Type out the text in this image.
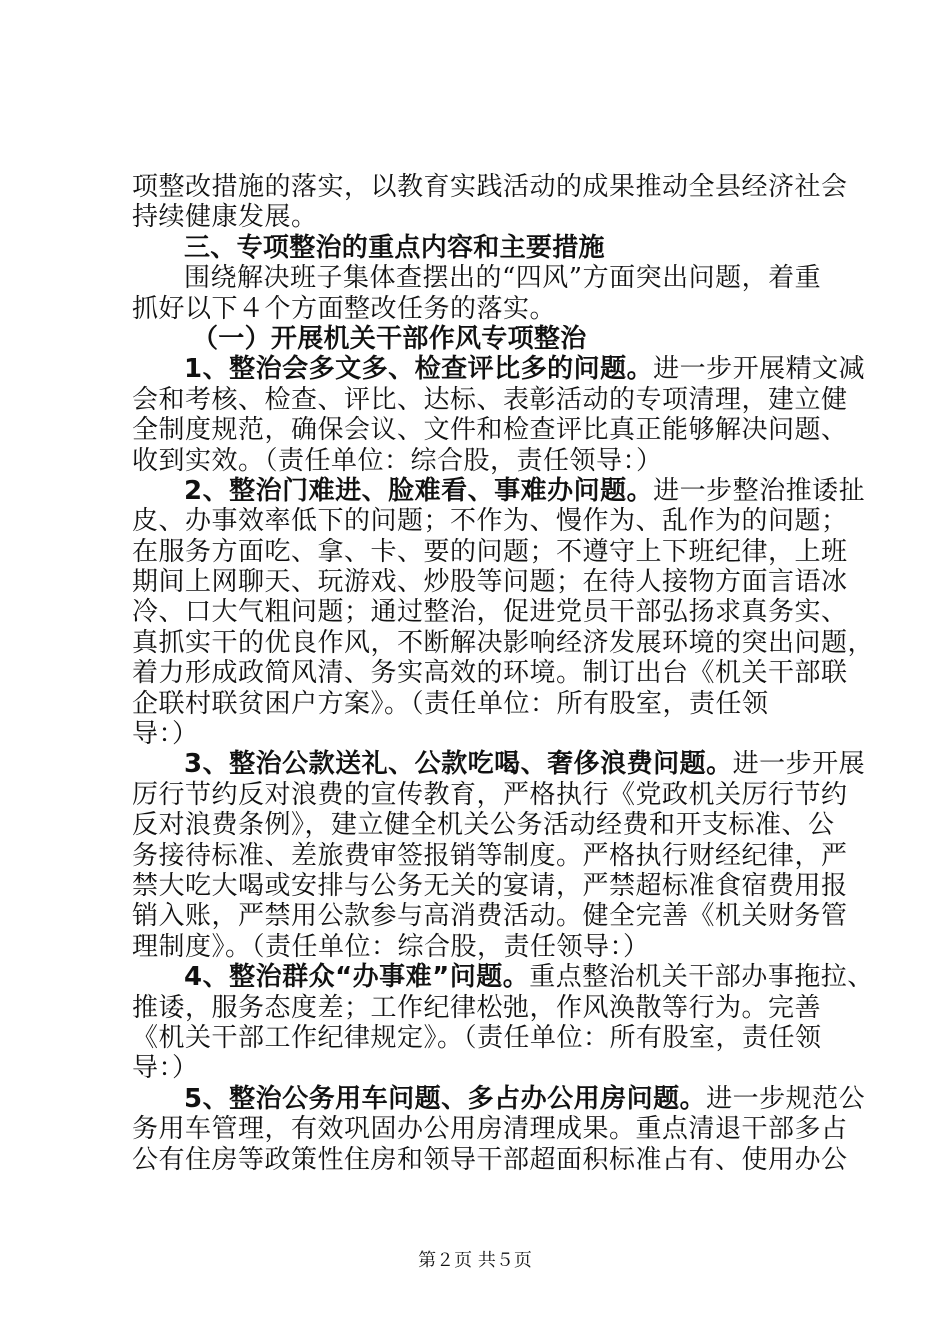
项整改措施的落实，以教育实践活动的成果推动全县经济社会
持续健康发展。
三、专项整治的重点内容和主要措施
围绕解决班子集体查摆出的“四风”方面突出问题，着重
抓好以下４个方面整改任务的落实。
（一）开展机关干部作风专项整治
1、整治会多文多、检查评比多的问题。进一步开展精文减
会和考核、检查、评比、达标、表彰活动的专项清理，建立健
全制度规范，确保会议、文件和检查评比真正能够解决问题、
收到实效。（责任单位：综合股，责任领导：）
2、整治门难进、脸难看、事难办问题。进一步整治推诿扯
皮、办事效率低下的问题；不作为、慢作为、乱作为的问题；
在服务方面吃、拿、卡、要的问题；不遵守上下班纪律，上班
期间上网聊天、玩游戏、炒股等问题；在待人接物方面言语冰
冷、口大气粗问题；通过整治，促进党员干部弘扬求真务实、
真抓实干的优良作风，不断解决影响经济发展环境的突出问题，
着力形成政简风清、务实高效的环境。制订出台《机关干部联
企联村联贫困户方案》。（责任单位：所有股室，责任领
导：）
3、整治公款送礼、公款吃喝、奢侈浪费问题。进一步开展
厉行节约反对浪费的宣传教育，严格执行《党政机关厉行节约
反对浪费条例》，建立健全机关公务活动经费和开支标准、公
务接待标准、差旅费审签报销等制度。严格执行财经纪律，严
禁大吃大喝或安排与公务无关的宴请，严禁超标准食宿费用报
销入账，严禁用公款参与高消费活动。健全完善《机关财务管
理制度》。（责任单位：综合股，责任领导：）
4、整治群众“办事难”问题。重点整治机关干部办事拖拉、
推诿，服务态度差；工作纪律松弛，作风涣散等行为。完善
《机关干部工作纪律规定》。（责任单位：所有股室，责任领
导：）
5、整治公务用车问题、多占办公用房问题。进一步规范公
务用车管理，有效巩固办公用房清理成果。重点清退干部多占
公有住房等政策性住房和领导干部超面积标准占有、使用办公
第２页 共５页
